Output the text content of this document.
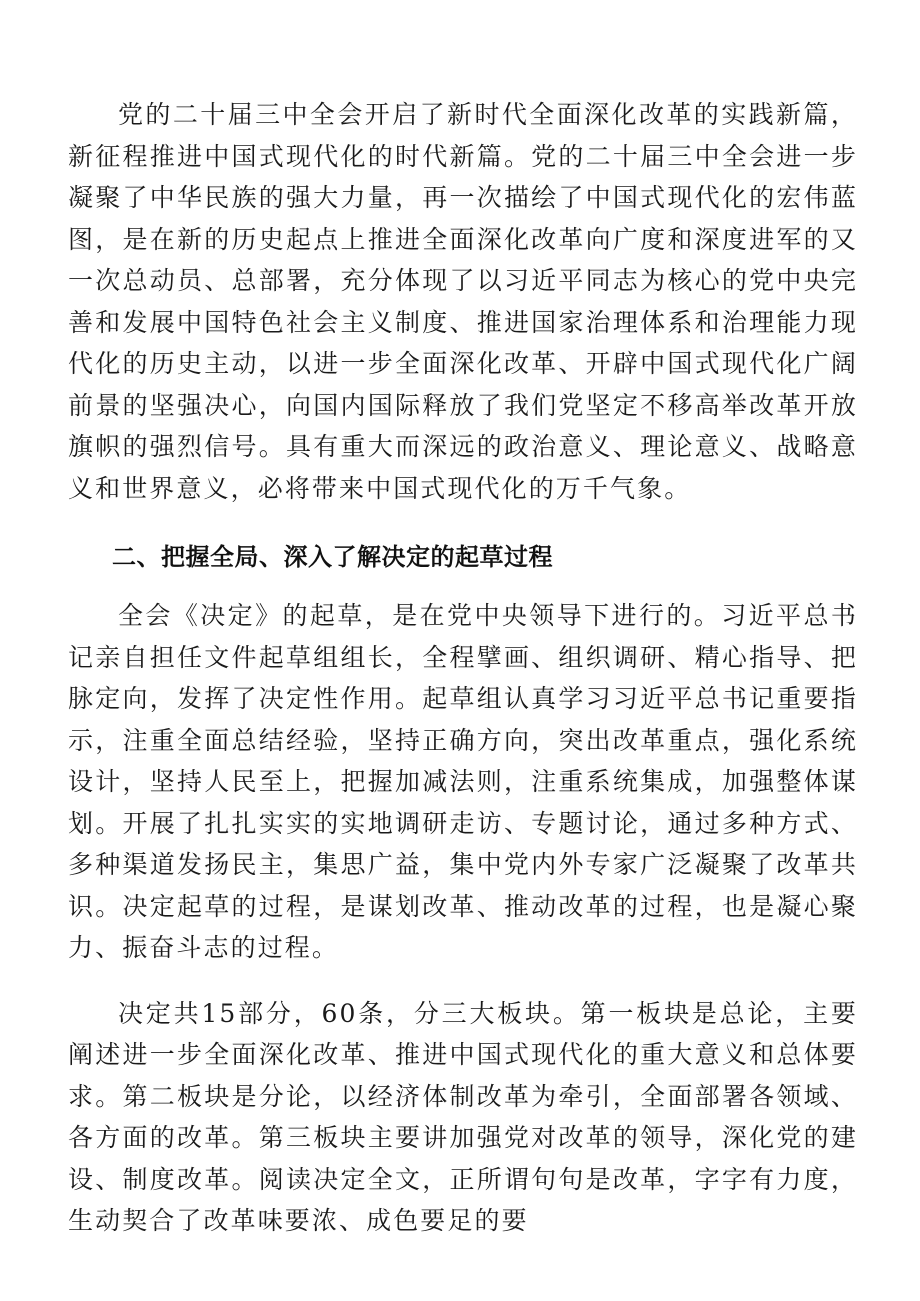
党的二十届三中全会开启了新时代全面深化改革的实践新篇，新征程推进中国式现代化的时代新篇。党的二十届三中全会进一步凝聚了中华民族的强大力量，再一次描绘了中国式现代化的宏伟蓝图，是在新的历史起点上推进全面深化改革向广度和深度进军的又一次总动员、总部署，充分体现了以习近平同志为核心的党中央完善和发展中国特色社会主义制度、推进国家治理体系和治理能力现代化的历史主动，以进一步全面深化改革、开辟中国式现代化广阔前景的坚强决心，向国内国际释放了我们党坚定不移高举改革开放旗帜的强烈信号。具有重大而深远的政治意义、理论意义、战略意义和世界意义，必将带来中国式现代化的万千气象。

二、把握全局、深入了解决定的起草过程

全会《决定》的起草，是在党中央领导下进行的。习近平总书记亲自担任文件起草组组长，全程擘画、组织调研、精心指导、把脉定向，发挥了决定性作用。起草组认真学习习近平总书记重要指示，注重全面总结经验，坚持正确方向，突出改革重点，强化系统设计，坚持人民至上，把握加减法则，注重系统集成，加强整体谋划。开展了扎扎实实的实地调研走访、专题讨论，通过多种方式、多种渠道发扬民主，集思广益，集中党内外专家广泛凝聚了改革共识。决定起草的过程，是谋划改革、推动改革的过程，也是凝心聚力、振奋斗志的过程。

决定共15部分，60条，分三大板块。第一板块是总论，主要阐述进一步全面深化改革、推进中国式现代化的重大意义和总体要求。第二板块是分论，以经济体制改革为牵引，全面部署各领域、各方面的改革。第三板块主要讲加强党对改革的领导，深化党的建设、制度改革。阅读决定全文，正所谓句句是改革，字字有力度，生动契合了改革味要浓、成色要足的要
